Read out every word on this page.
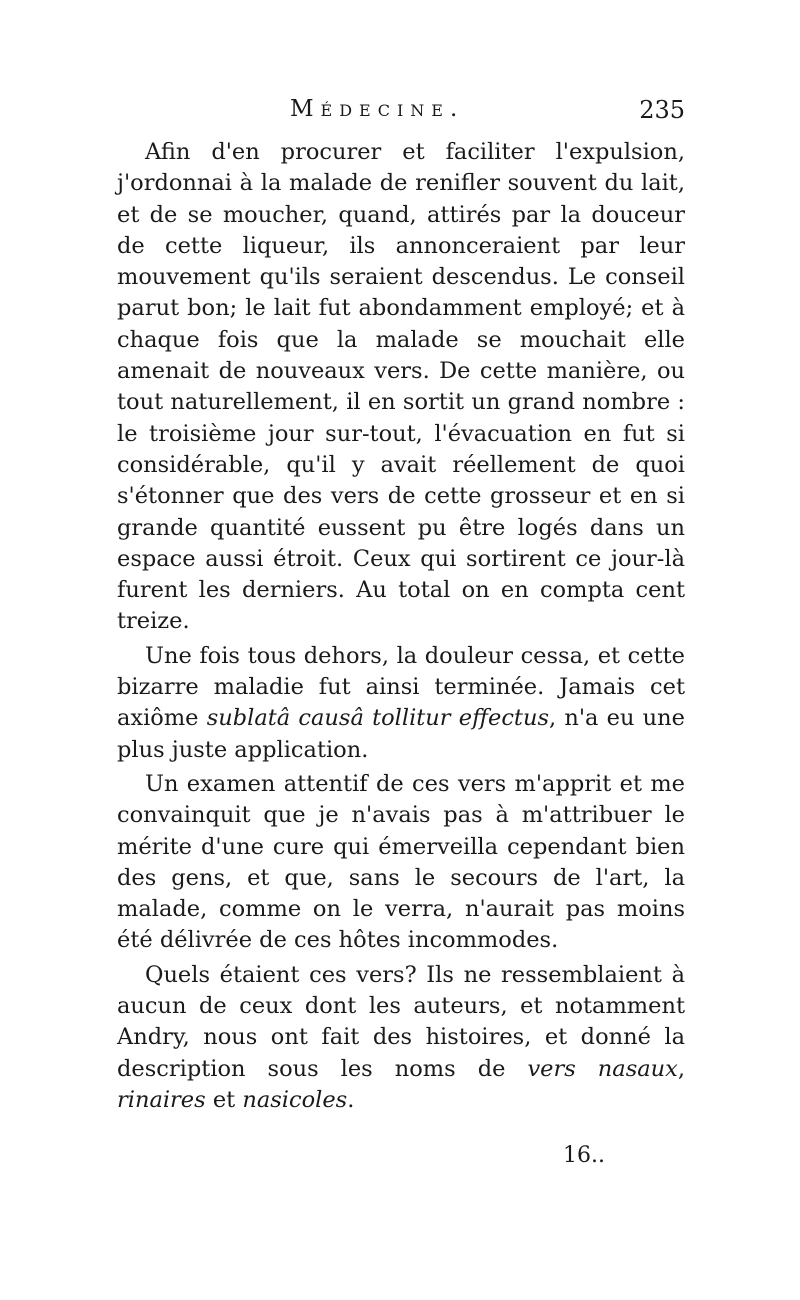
Médecine.	235

Afin d'en procurer et faciliter l'expulsion, j'ordonnai à la malade de renifler souvent du lait, et de se moucher, quand, attirés par la douceur de cette liqueur, ils annonceraient par leur mouvement qu'ils seraient descendus. Le conseil parut bon; le lait fut abondamment employé; et à chaque fois que la malade se mouchait elle amenait de nouveaux vers. De cette manière, ou tout naturellement, il en sortit un grand nombre : le troisième jour sur-tout, l'évacuation en fut si considérable, qu'il y avait réellement de quoi s'étonner que des vers de cette grosseur et en si grande quantité eussent pu être logés dans un espace aussi étroit. Ceux qui sortirent ce jour-là furent les derniers. Au total on en compta cent treize.

Une fois tous dehors, la douleur cessa, et cette bizarre maladie fut ainsi terminée. Jamais cet axiôme sublatâ causâ tollitur effectus, n'a eu une plus juste application.

Un examen attentif de ces vers m'apprit et me convainquit que je n'avais pas à m'attribuer le mérite d'une cure qui émerveilla cependant bien des gens, et que, sans le secours de l'art, la malade, comme on le verra, n'aurait pas moins été délivrée de ces hôtes incommodes.

Quels étaient ces vers? Ils ne ressemblaient à aucun de ceux dont les auteurs, et notamment Andry, nous ont fait des histoires, et donné la description sous les noms de vers nasaux, rinaires et nasicoles.

16..
